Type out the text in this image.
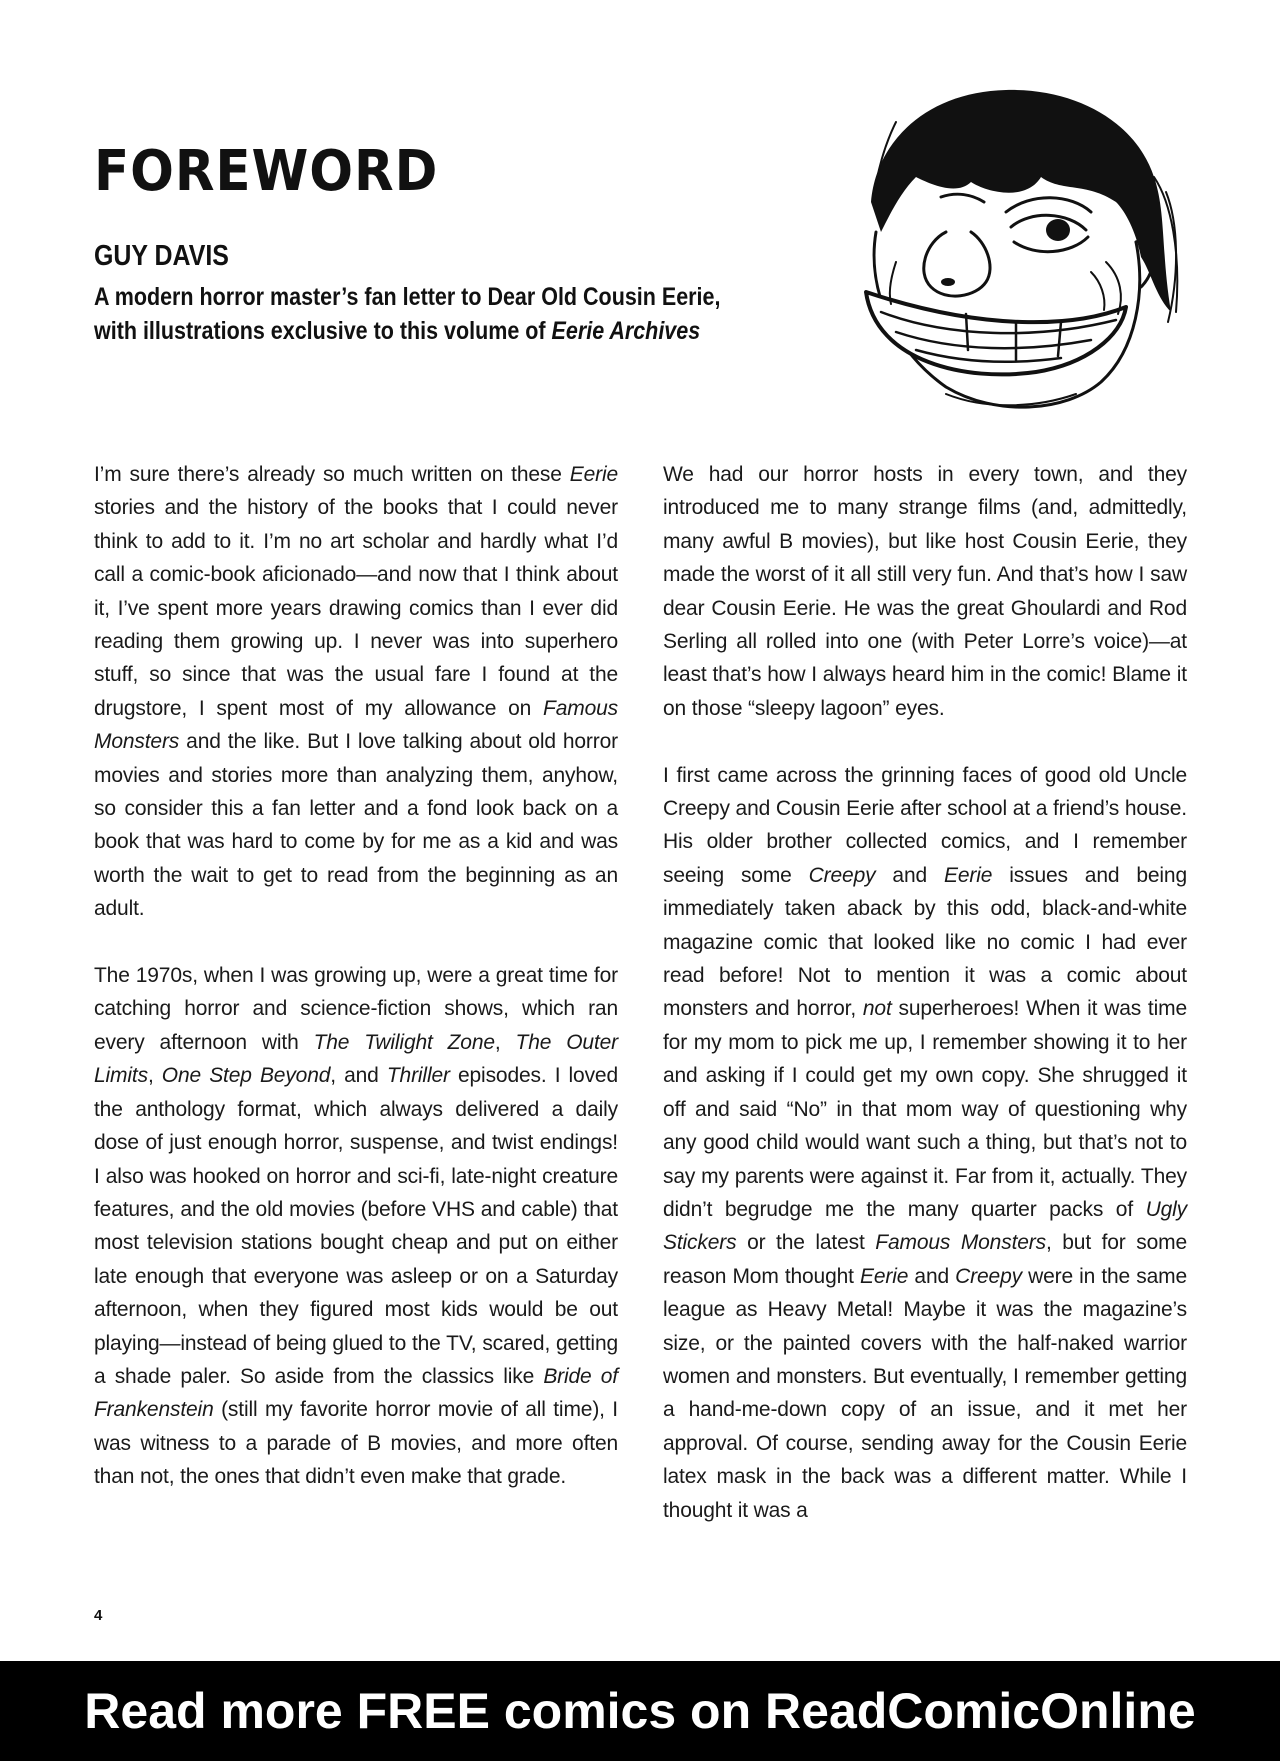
FOREWORD
GUY DAVIS
A modern horror master’s fan letter to Dear Old Cousin Eerie,
with illustrations exclusive to this volume of Eerie Archives

I’m sure there’s already so much written on these Eerie stories and the history of the books that I could never think to add to it. I’m no art scholar and hardly what I’d call a comic-book aficionado—and now that I think about it, I’ve spent more years drawing comics than I ever did reading them growing up. I never was into superhero stuff, so since that was the usual fare I found at the drugstore, I spent most of my allowance on Famous Monsters and the like. But I love talking about old horror movies and stories more than analyzing them, anyhow, so consider this a fan letter and a fond look back on a book that was hard to come by for me as a kid and was worth the wait to get to read from the beginning as an adult.

The 1970s, when I was growing up, were a great time for catching horror and science-fiction shows, which ran every afternoon with The Twilight Zone, The Outer Limits, One Step Beyond, and Thriller episodes. I loved the anthology format, which always delivered a daily dose of just enough horror, suspense, and twist endings! I also was hooked on horror and sci-fi, late-night creature features, and the old movies (before VHS and cable) that most television stations bought cheap and put on either late enough that everyone was asleep or on a Saturday afternoon, when they figured most kids would be out playing—instead of being glued to the TV, scared, getting a shade paler. So aside from the classics like Bride of Frankenstein (still my favorite horror movie of all time), I was witness to a parade of B movies, and more often than not, the ones that didn’t even make that grade.

We had our horror hosts in every town, and they introduced me to many strange films (and, admittedly, many awful B movies), but like host Cousin Eerie, they made the worst of it all still very fun. And that’s how I saw dear Cousin Eerie. He was the great Ghoulardi and Rod Serling all rolled into one (with Peter Lorre’s voice)—at least that’s how I always heard him in the comic! Blame it on those “sleepy lagoon” eyes.

I first came across the grinning faces of good old Uncle Creepy and Cousin Eerie after school at a friend’s house. His older brother collected comics, and I remember seeing some Creepy and Eerie issues and being immediately taken aback by this odd, black-and-white magazine comic that looked like no comic I had ever read before! Not to mention it was a comic about monsters and horror, not superheroes! When it was time for my mom to pick me up, I remember showing it to her and asking if I could get my own copy. She shrugged it off and said “No” in that mom way of questioning why any good child would want such a thing, but that’s not to say my parents were against it. Far from it, actually. They didn’t begrudge me the many quarter packs of Ugly Stickers or the latest Famous Monsters, but for some reason Mom thought Eerie and Creepy were in the same league as Heavy Metal! Maybe it was the magazine’s size, or the painted covers with the half-naked warrior women and monsters. But eventually, I remember getting a hand-me-down copy of an issue, and it met her approval. Of course, sending away for the Cousin Eerie latex mask in the back was a different matter. While I thought it was a

4
Read more FREE comics on ReadComicOnline
